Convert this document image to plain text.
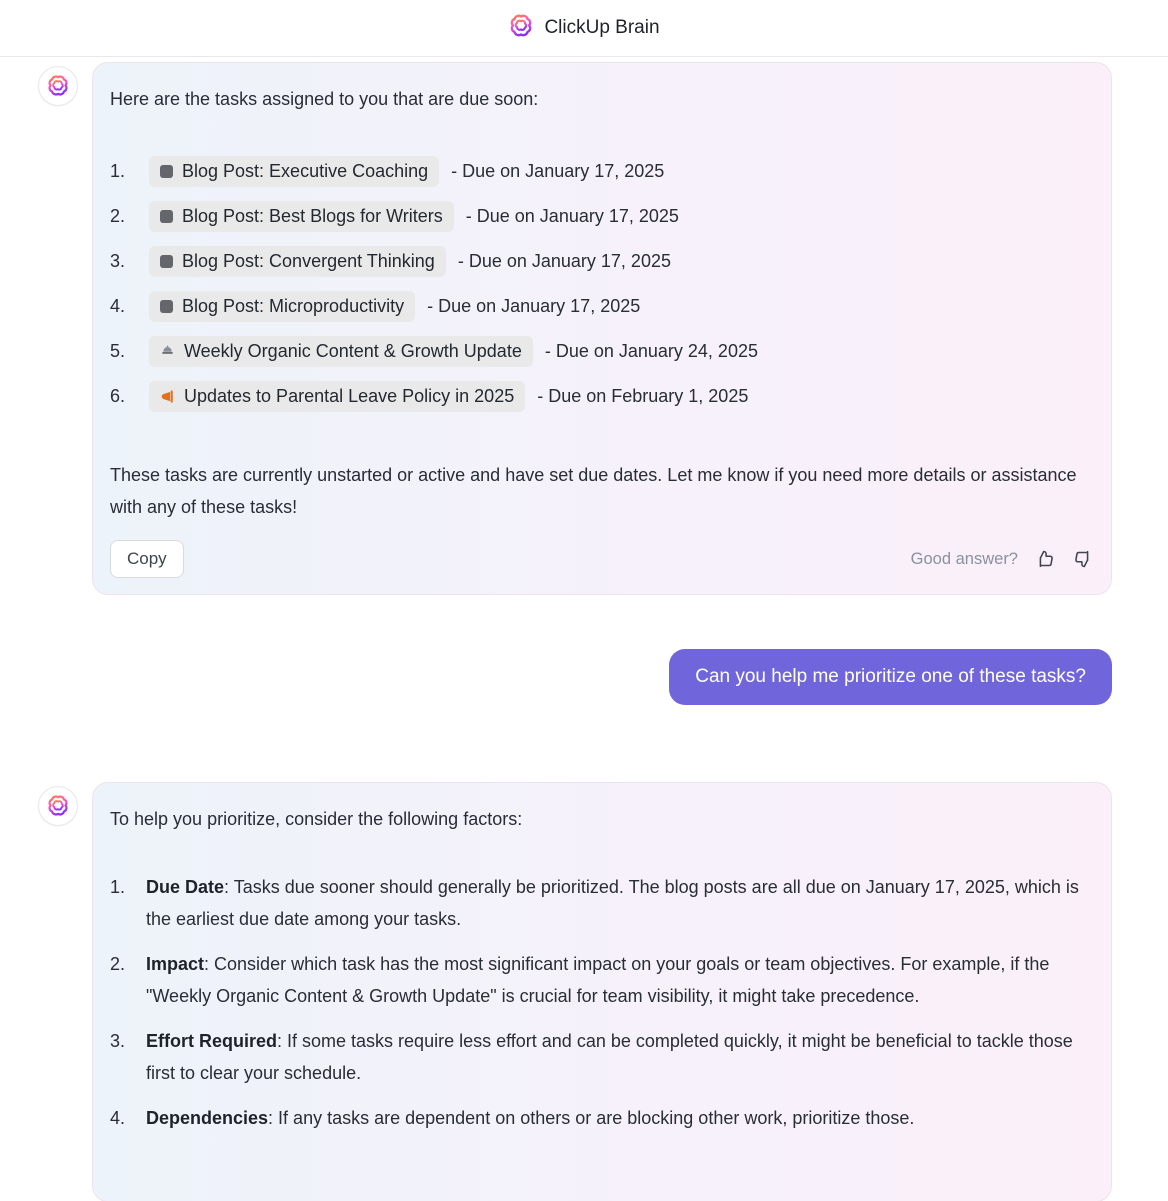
ClickUp Brain
Here are the tasks assigned to you that are due soon:
1.	Blog Post: Executive Coaching - Due on January 17, 2025
2.	Blog Post: Best Blogs for Writers - Due on January 17, 2025
3.	Blog Post: Convergent Thinking - Due on January 17, 2025
4.	Blog Post: Microproductivity - Due on January 17, 2025
5.	Weekly Organic Content & Growth Update - Due on January 24, 2025
6.	Updates to Parental Leave Policy in 2025 - Due on February 1, 2025

These tasks are currently unstarted or active and have set due dates. Let me know if you need more details or assistance with any of these tasks!

Copy	Good answer?
Can you help me prioritize one of these tasks?
To help you prioritize, consider the following factors:
1.	Due Date: Tasks due sooner should generally be prioritized. The blog posts are all due on January 17, 2025, which is the earliest due date among your tasks.
2.	Impact: Consider which task has the most significant impact on your goals or team objectives. For example, if the "Weekly Organic Content & Growth Update" is crucial for team visibility, it might take precedence.
3.	Effort Required: If some tasks require less effort and can be completed quickly, it might be beneficial to tackle those first to clear your schedule.
4.	Dependencies: If any tasks are dependent on others or are blocking other work, prioritize those.
